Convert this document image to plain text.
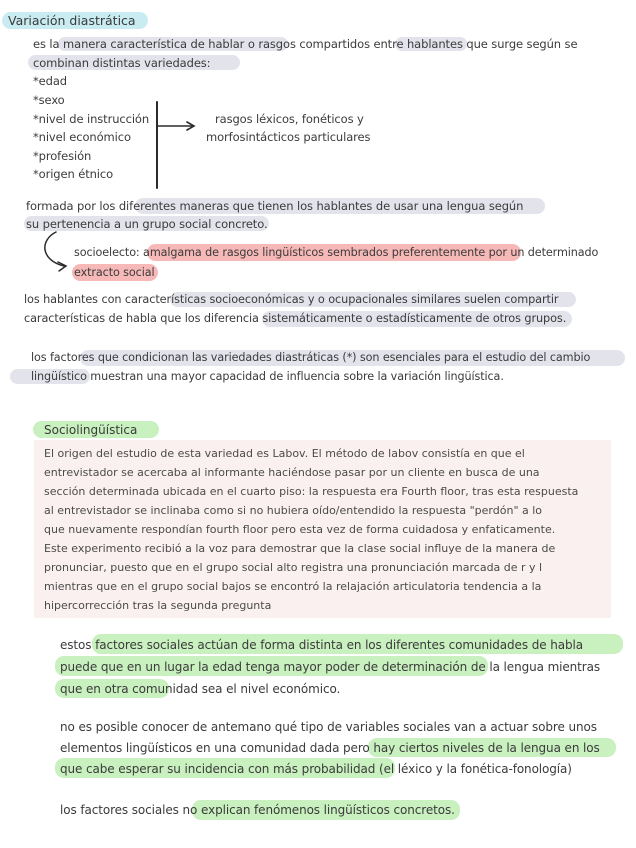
Variación diastrática
es la manera característica de hablar o rasgos compartidos entre hablantes que surge según se
combinan distintas variedades:
*edad
*sexo
*nivel de instrucción
*nivel económico
*profesión
*origen étnico
rasgos léxicos, fonéticos y
morfosintácticos particulares
formada por los diferentes maneras que tienen los hablantes de usar una lengua según
su pertenencia a un grupo social concreto.
socioelecto: amalgama de rasgos lingüísticos sembrados preferentemente por un determinado
extracto social
los hablantes con características socioeconómicas y o ocupacionales similares suelen compartir
características de habla que los diferencia sistemáticamente o estadísticamente de otros grupos.
los factores que condicionan las variedades diastráticas (*) son esenciales para el estudio del cambio
lingüístico muestran una mayor capacidad de influencia sobre la variación lingüística.
Sociolingüística
El origen del estudio de esta variedad es Labov. El método de labov consistía en que el
entrevistador se acercaba al informante haciéndose pasar por un cliente en busca de una
sección determinada ubicada en el cuarto piso: la respuesta era Fourth floor, tras esta respuesta
al entrevistador se inclinaba como si no hubiera oído/entendido la respuesta "perdón" a lo
que nuevamente respondían fourth floor pero esta vez de forma cuidadosa y enfaticamente.
Este experimento recibió a la voz para demostrar que la clase social influye de la manera de
pronunciar, puesto que en el grupo social alto registra una pronunciación marcada de r y l
mientras que en el grupo social bajos se encontró la relajación articulatoria tendencia a la
hipercorrección tras la segunda pregunta
estos factores sociales actúan de forma distinta en los diferentes comunidades de habla
puede que en un lugar la edad tenga mayor poder de determinación de la lengua mientras
que en otra comunidad sea el nivel económico.
no es posible conocer de antemano qué tipo de variables sociales van a actuar sobre unos
elementos lingüísticos en una comunidad dada pero hay ciertos niveles de la lengua en los
que cabe esperar su incidencia con más probabilidad (el léxico y la fonética-fonología)
los factores sociales no explican fenómenos lingüísticos concretos.
